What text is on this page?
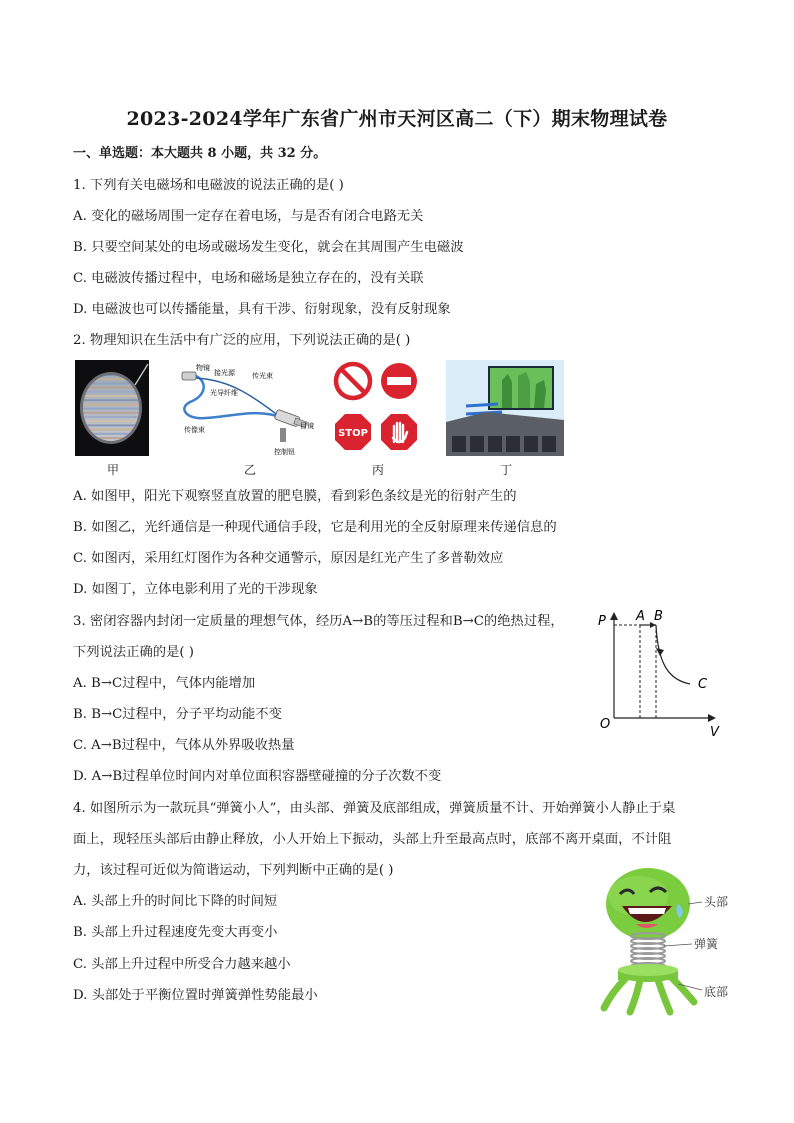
2023-2024学年广东省广州市天河区高二（下）期末物理试卷
一、单选题：本大题共 8 小题，共 32 分。
1. 下列有关电磁场和电磁波的说法正确的是( )
A. 变化的磁场周围一定存在着电场，与是否有闭合电路无关
B. 只要空间某处的电场或磁场发生变化，就会在其周围产生电磁波
C. 电磁波传播过程中，电场和磁场是独立存在的，没有关联
D. 电磁波也可以传播能量，具有干涉、衍射现象，没有反射现象
2. 物理知识在生活中有广泛的应用，下列说法正确的是( )
物镜
接光源 传光束
光导纤维
传像束	目镜
控制钮
STOP
甲	乙	丙	丁
A. 如图甲，阳光下观察竖直放置的肥皂膜，看到彩色条纹是光的衍射产生的
B. 如图乙，光纤通信是一种现代通信手段，它是利用光的全反射原理来传递信息的
C. 如图丙，采用红灯图作为各种交通警示，原因是红光产生了多普勒效应
D. 如图丁，立体电影利用了光的干涉现象
3. 密闭容器内封闭一定质量的理想气体，经历A→B的等压过程和B→C的绝热过程，
下列说法正确的是( )
A. B→C过程中，气体内能增加
B. B→C过程中，分子平均动能不变
C. A→B过程中，气体从外界吸收热量
D. A→B过程单位时间内对单位面积容器壁碰撞的分子次数不变
P
V
O
A B
C
4. 如图所示为一款玩具“弹簧小人”，由头部、弹簧及底部组成，弹簧质量不计、开始弹簧小人静止于桌
面上，现轻压头部后由静止释放，小人开始上下振动，头部上升至最高点时，底部不离开桌面，不计阻
力，该过程可近似为简谐运动，下列判断中正确的是( )
A. 头部上升的时间比下降的时间短
B. 头部上升过程速度先变大再变小
C. 头部上升过程中所受合力越来越小
D. 头部处于平衡位置时弹簧弹性势能最小
头部
弹簧
底部
